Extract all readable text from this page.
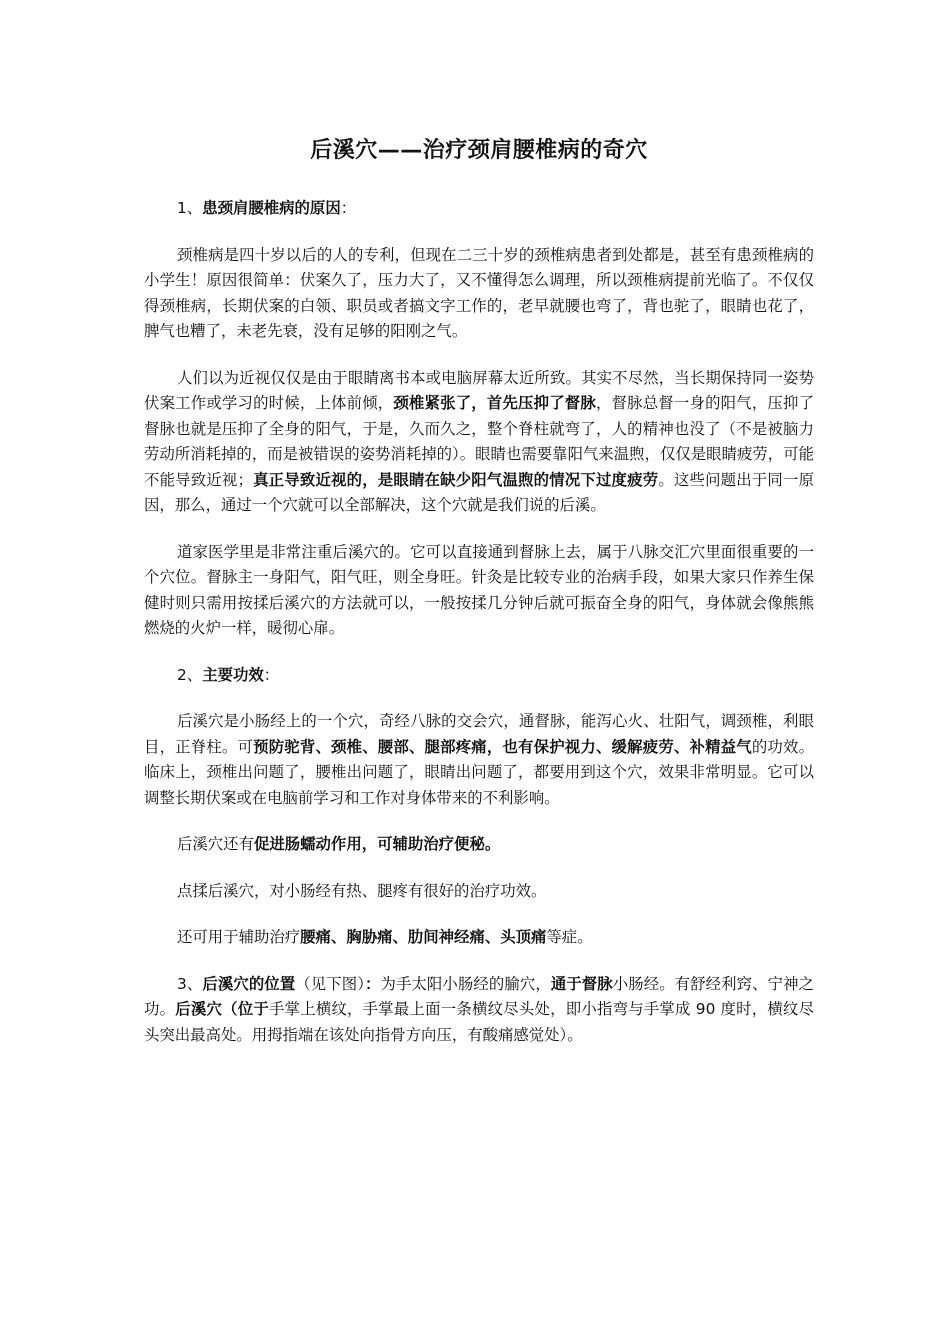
后溪穴——治疗颈肩腰椎病的奇穴

1、患颈肩腰椎病的原因：

颈椎病是四十岁以后的人的专利，但现在二三十岁的颈椎病患者到处都是，甚至有患颈椎病的小学生！原因很简单：伏案久了，压力大了，又不懂得怎么调理，所以颈椎病提前光临了。不仅仅得颈椎病，长期伏案的白领、职员或者搞文字工作的，老早就腰也弯了，背也驼了，眼睛也花了，脾气也糟了，未老先衰，没有足够的阳刚之气。

人们以为近视仅仅是由于眼睛离书本或电脑屏幕太近所致。其实不尽然，当长期保持同一姿势伏案工作或学习的时候，上体前倾，颈椎紧张了，首先压抑了督脉，督脉总督一身的阳气，压抑了督脉也就是压抑了全身的阳气，于是，久而久之，整个脊柱就弯了，人的精神也没了（不是被脑力劳动所消耗掉的，而是被错误的姿势消耗掉的）。眼睛也需要靠阳气来温煦，仅仅是眼睛疲劳，可能不能导致近视；真正导致近视的，是眼睛在缺少阳气温煦的情况下过度疲劳。这些问题出于同一原因，那么，通过一个穴就可以全部解决，这个穴就是我们说的后溪。

道家医学里是非常注重后溪穴的。它可以直接通到督脉上去，属于八脉交汇穴里面很重要的一个穴位。督脉主一身阳气，阳气旺，则全身旺。针灸是比较专业的治病手段，如果大家只作养生保健时则只需用按揉后溪穴的方法就可以，一般按揉几分钟后就可振奋全身的阳气，身体就会像熊熊燃烧的火炉一样，暖彻心扉。

2、主要功效：

后溪穴是小肠经上的一个穴，奇经八脉的交会穴，通督脉，能泻心火、壮阳气，调颈椎，利眼目，正脊柱。可预防驼背、颈椎、腰部、腿部疼痛，也有保护视力、缓解疲劳、补精益气的功效。临床上，颈椎出问题了，腰椎出问题了，眼睛出问题了，都要用到这个穴，效果非常明显。它可以调整长期伏案或在电脑前学习和工作对身体带来的不利影响。

后溪穴还有促进肠蠕动作用，可辅助治疗便秘。

点揉后溪穴，对小肠经有热、腿疼有很好的治疗功效。

还可用于辅助治疗腰痛、胸胁痛、肋间神经痛、头顶痛等症。

3、后溪穴的位置（见下图）：为手太阳小肠经的腧穴，通于督脉小肠经。有舒经利窍、宁神之功。后溪穴（位于手掌上横纹，手掌最上面一条横纹尽头处，即小指弯与手掌成 90 度时，横纹尽头突出最高处。用拇指端在该处向指骨方向压，有酸痛感觉处）。
